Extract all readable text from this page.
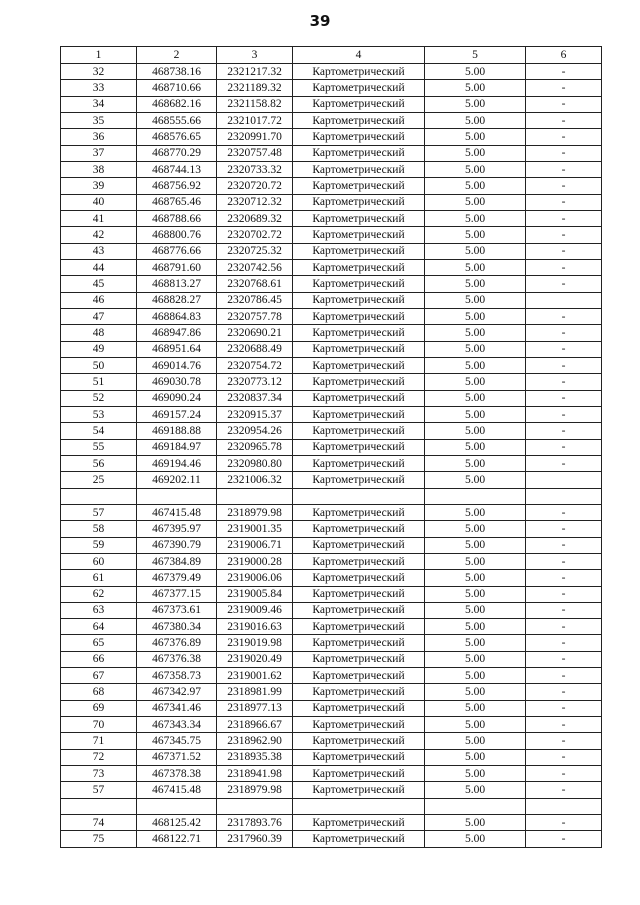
39
1	2	3	4	5	6
32	468738.16	2321217.32	Картометрический	5.00	-
33	468710.66	2321189.32	Картометрический	5.00	-
34	468682.16	2321158.82	Картометрический	5.00	-
35	468555.66	2321017.72	Картометрический	5.00	-
36	468576.65	2320991.70	Картометрический	5.00	-
37	468770.29	2320757.48	Картометрический	5.00	-
38	468744.13	2320733.32	Картометрический	5.00	-
39	468756.92	2320720.72	Картометрический	5.00	-
40	468765.46	2320712.32	Картометрический	5.00	-
41	468788.66	2320689.32	Картометрический	5.00	-
42	468800.76	2320702.72	Картометрический	5.00	-
43	468776.66	2320725.32	Картометрический	5.00	-
44	468791.60	2320742.56	Картометрический	5.00	-
45	468813.27	2320768.61	Картометрический	5.00	-
46	468828.27	2320786.45	Картометрический	5.00	
47	468864.83	2320757.78	Картометрический	5.00	-
48	468947.86	2320690.21	Картометрический	5.00	-
49	468951.64	2320688.49	Картометрический	5.00	-
50	469014.76	2320754.72	Картометрический	5.00	-
51	469030.78	2320773.12	Картометрический	5.00	-
52	469090.24	2320837.34	Картометрический	5.00	-
53	469157.24	2320915.37	Картометрический	5.00	-
54	469188.88	2320954.26	Картометрический	5.00	-
55	469184.97	2320965.78	Картометрический	5.00	-
56	469194.46	2320980.80	Картометрический	5.00	-
25	469202.11	2321006.32	Картометрический	5.00	

57	467415.48	2318979.98	Картометрический	5.00	-
58	467395.97	2319001.35	Картометрический	5.00	-
59	467390.79	2319006.71	Картометрический	5.00	-
60	467384.89	2319000.28	Картометрический	5.00	-
61	467379.49	2319006.06	Картометрический	5.00	-
62	467377.15	2319005.84	Картометрический	5.00	-
63	467373.61	2319009.46	Картометрический	5.00	-
64	467380.34	2319016.63	Картометрический	5.00	-
65	467376.89	2319019.98	Картометрический	5.00	-
66	467376.38	2319020.49	Картометрический	5.00	-
67	467358.73	2319001.62	Картометрический	5.00	-
68	467342.97	2318981.99	Картометрический	5.00	-
69	467341.46	2318977.13	Картометрический	5.00	-
70	467343.34	2318966.67	Картометрический	5.00	-
71	467345.75	2318962.90	Картометрический	5.00	-
72	467371.52	2318935.38	Картометрический	5.00	-
73	467378.38	2318941.98	Картометрический	5.00	-
57	467415.48	2318979.98	Картометрический	5.00	-

74	468125.42	2317893.76	Картометрический	5.00	-
75	468122.71	2317960.39	Картометрический	5.00	-
